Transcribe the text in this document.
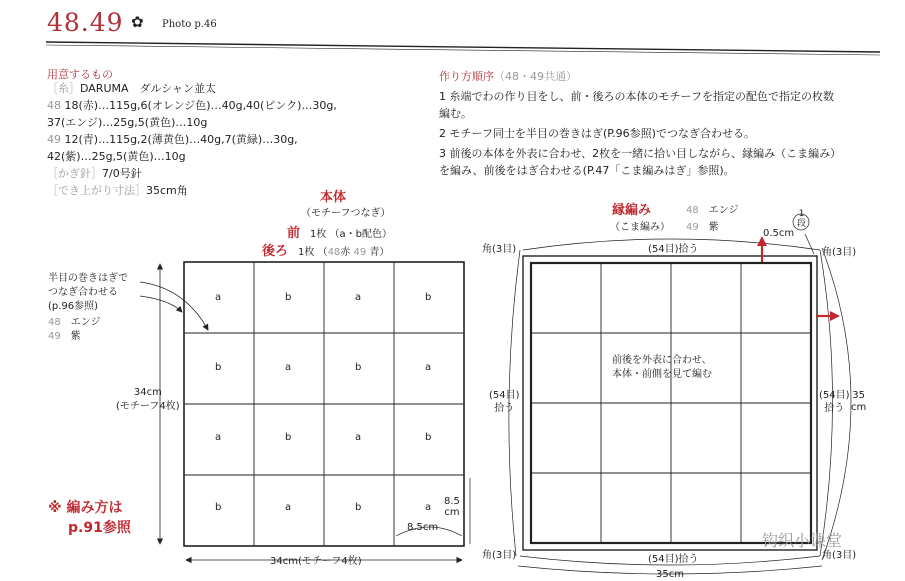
48.49 ✿ Photo p.46
用意するもの
［糸］DARUMA　ダルシャン並太
48 18(赤)…115g,6(オレンジ色)…40g,40(ピンク)…30g,
37(エンジ)…25g,5(黄色)…10g
49 12(青)…115g,2(薄黄色)…40g,7(黄緑)…30g,
42(紫)…25g,5(黄色)…10g
［かぎ針］7/0号針
［でき上がり寸法］35cm角
作り方順序（48・49共通）
1 糸端でわの作り目をし、前・後ろの本体のモチーフを指定の配色で指定の枚数
編む。
2 モチーフ同士を半目の巻きはぎ(P.96参照)でつなぎ合わせる。
3 前後の本体を外表に合わせ、2枚を一緒に拾い目しながら、縁編み（こま編み）
を編み、前後をはぎ合わせる(P.47「こま編みはぎ」参照)。
本体
（モチーフつなぎ）
前　 1枚 （a・b配色）
後ろ　 1枚 （48赤 49 青）
半目の巻きはぎで
つなぎ合わせる
(p.96参照)
48　 エンジ
49　 紫
34cm
(モチーフ4枚)
※ 編み方は
p.91参照
34cm(モチーフ4枚)
8.5
cm
8.5cm
a	b	a	b
b	a	b	a
a	b	a	b
b	a	b	a
縁編み
（こま編み）
48　 エンジ
49　 紫
角(3目)	角(3目)
角(3目)	角(3目)
(54目)拾う
(54目)拾う
(54目)
拾う
(54目)
拾う
0.5cm
1
段
前後を外表に合わせ、
本体・前側を見て編む
35
cm
35cm
钩织小课堂
